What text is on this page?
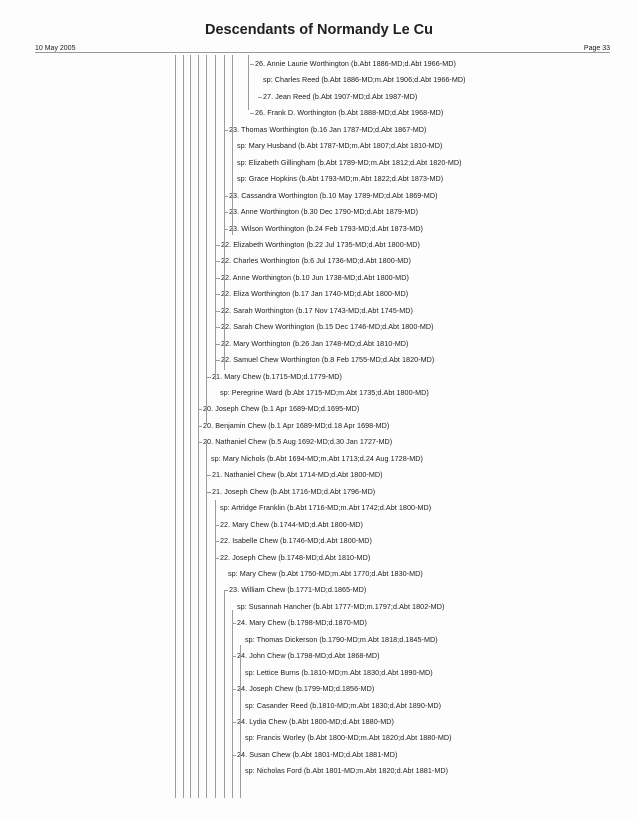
Descendants of Normandy Le Cu
10 May 2005	Page 33
26. Annie Laurie Worthington (b.Abt 1886-MD;d.Abt 1966-MD)
sp: Charles Reed (b.Abt 1886-MD;m.Abt 1906;d.Abt 1966-MD)
27. Jean Reed (b.Abt 1907-MD;d.Abt 1987-MD)
26. Frank D. Worthington (b.Abt 1888-MD;d.Abt 1968-MD)
23. Thomas Worthington (b.16 Jan 1787-MD;d.Abt 1867-MD)
sp: Mary Husband (b.Abt 1787-MD;m.Abt 1807;d.Abt 1810-MD)
sp: Elizabeth Gillingham (b.Abt 1789-MD;m.Abt 1812;d.Abt 1820-MD)
sp: Grace Hopkins (b.Abt 1793-MD;m.Abt 1822;d.Abt 1873-MD)
23. Cassandra Worthington (b.10 May 1789-MD;d.Abt 1869-MD)
23. Anne Worthington (b.30 Dec 1790-MD;d.Abt 1879-MD)
23. Wilson Worthington (b.24 Feb 1793-MD;d.Abt 1873-MD)
22. Elizabeth Worthington (b.22 Jul 1735-MD;d.Abt 1800-MD)
22. Charles Worthington (b.6 Jul 1736-MD;d.Abt 1800-MD)
22. Anne Worthington (b.10 Jun 1738-MD;d.Abt 1800-MD)
22. Eliza Worthington (b.17 Jan 1740-MD;d.Abt 1800-MD)
22. Sarah Worthington (b.17 Nov 1743-MD;d.Abt 1745-MD)
22. Sarah Chew Worthington (b.15 Dec 1746-MD;d.Abt 1800-MD)
22. Mary Worthington (b.26 Jan 1748-MD;d.Abt 1810-MD)
22. Samuel Chew Worthington (b.8 Feb 1755-MD;d.Abt 1820-MD)
21. Mary Chew (b.1715-MD;d.1779-MD)
sp: Peregrine Ward (b.Abt 1715-MD;m.Abt 1735;d.Abt 1800-MD)
20. Joseph Chew (b.1 Apr 1689-MD;d.1695-MD)
20. Benjamin Chew (b.1 Apr 1689-MD;d.18 Apr 1698-MD)
20. Nathaniel Chew (b.5 Aug 1692-MD;d.30 Jan 1727-MD)
sp: Mary Nichols (b.Abt 1694-MD;m.Abt 1713;d.24 Aug 1728-MD)
21. Nathaniel Chew (b.Abt 1714-MD;d.Abt 1800-MD)
21. Joseph Chew (b.Abt 1716-MD;d.Abt 1796-MD)
sp: Artridge Franklin (b.Abt 1716-MD;m.Abt 1742;d.Abt 1800-MD)
22. Mary Chew (b.1744-MD;d.Abt 1800-MD)
22. Isabelle Chew (b.1746-MD;d.Abt 1800-MD)
22. Joseph Chew (b.1748-MD;d.Abt 1810-MD)
sp: Mary Chew (b.Abt 1750-MD;m.Abt 1770;d.Abt 1830-MD)
23. William Chew (b.1771-MD;d.1865-MD)
sp: Susannah Hancher (b.Abt 1777-MD;m.1797;d.Abt 1802-MD)
24. Mary Chew (b.1798-MD;d.1870-MD)
sp: Thomas Dickerson (b.1790-MD;m.Abt 1818;d.1845-MD)
24. John Chew (b.1798-MD;d.Abt 1868-MD)
sp: Lettice Burns (b.1810-MD;m.Abt 1830;d.Abt 1890-MD)
24. Joseph Chew (b.1799-MD;d.1856-MD)
sp: Casander Reed (b.1810-MD;m.Abt 1830;d.Abt 1890-MD)
24. Lydia Chew (b.Abt 1800-MD;d.Abt 1880-MD)
sp: Francis Worley (b.Abt 1800-MD;m.Abt 1820;d.Abt 1880-MD)
24. Susan Chew (b.Abt 1801-MD;d.Abt 1881-MD)
sp: Nicholas Ford (b.Abt 1801-MD;m.Abt 1820;d.Abt 1881-MD)
